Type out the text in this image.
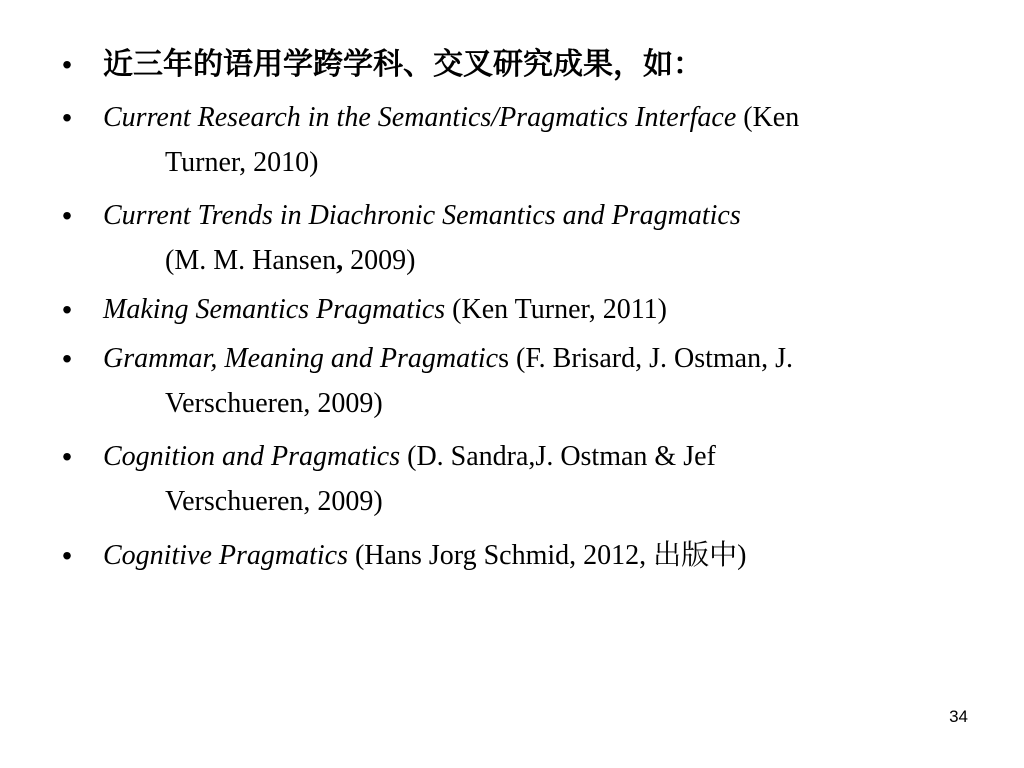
• 近三年的语用学跨学科、交叉研究成果，如：
• Current Research in the Semantics/Pragmatics Interface (Ken
Turner, 2010)
• Current Trends in Diachronic Semantics and Pragmatics
(M. M. Hansen, 2009)
• Making Semantics Pragmatics (Ken Turner, 2011)
• Grammar, Meaning and Pragmatics (F. Brisard, J. Ostman, J.
Verschueren, 2009)
• Cognition and Pragmatics (D. Sandra,J. Ostman & Jef
Verschueren, 2009)
• Cognitive Pragmatics (Hans Jorg Schmid, 2012, 出版中)
34
